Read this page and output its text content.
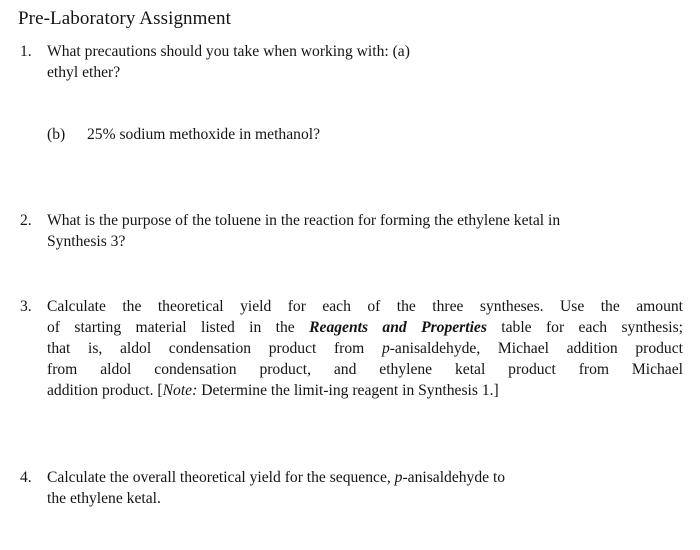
Pre-Laboratory Assignment
1. What precautions should you take when working with: (a)
ethyl ether?
(b) 25% sodium methoxide in methanol?
2. What is the purpose of the toluene in the reaction for forming the ethylene ketal in
Synthesis 3?
3. Calculate the theoretical yield for each of the three syntheses. Use the amount
of starting material listed in the Reagents and Properties table for each synthesis;
that is, aldol condensation product from p-anisaldehyde, Michael addition product
from aldol condensation product, and ethylene ketal product from Michael
addition product. [Note: Determine the limit-ing reagent in Synthesis 1.]
4. Calculate the overall theoretical yield for the sequence, p-anisaldehyde to
the ethylene ketal.
